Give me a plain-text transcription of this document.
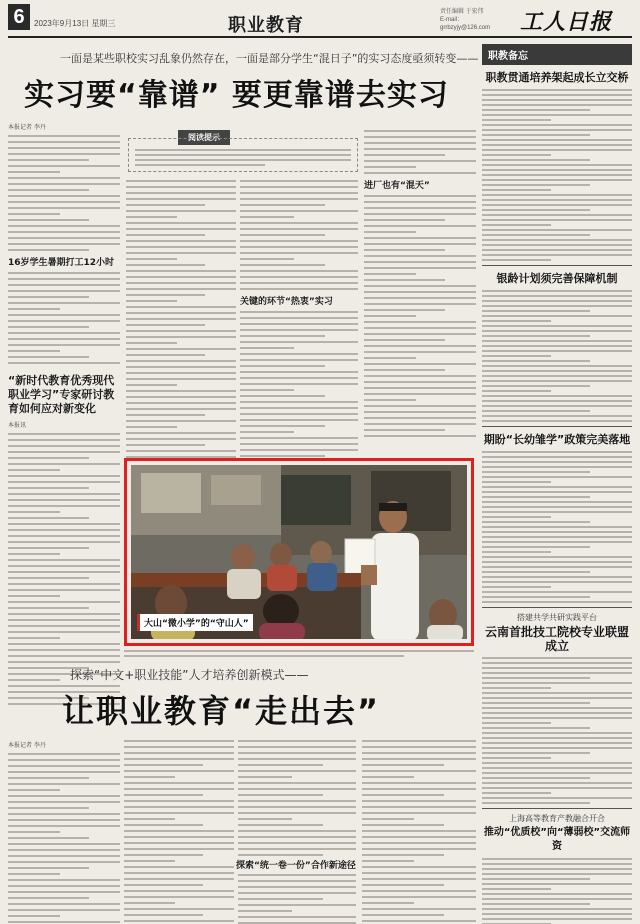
6	2023年9月13日 星期三	职业教育
责任编辑 于宏伟
E-mail：grrbzyjy@126.com	工人日报
一面是某些职校实习乱象仍然存在，一面是部分学生“混日子”的实习态度亟须转变——
实习要“靠谱” 要更靠谱去实习
阅读提示
本报记者 李丹
16岁学生暑期打工12小时
“新时代教育优秀现代职业学习”专家研讨教育如何应对新变化
本报讯
关键的环节“热衷”实习
进厂也有“混天”
大山“微小学”的“守山人”
探索“中文+职业技能”人才培养创新模式——
让职业教育“走出去”
本报记者 李丹
探索“统一卷一份”合作新途径
职教备忘
职教贯通培养架起成长立交桥
银龄计划须完善保障机制
期盼“长幼雏学”政策完美落地
搭建共学共研实践平台
云南首批技工院校专业联盟成立
上海高等教育产教融合开合
推动“优质校”向“薄弱校”交流师资
